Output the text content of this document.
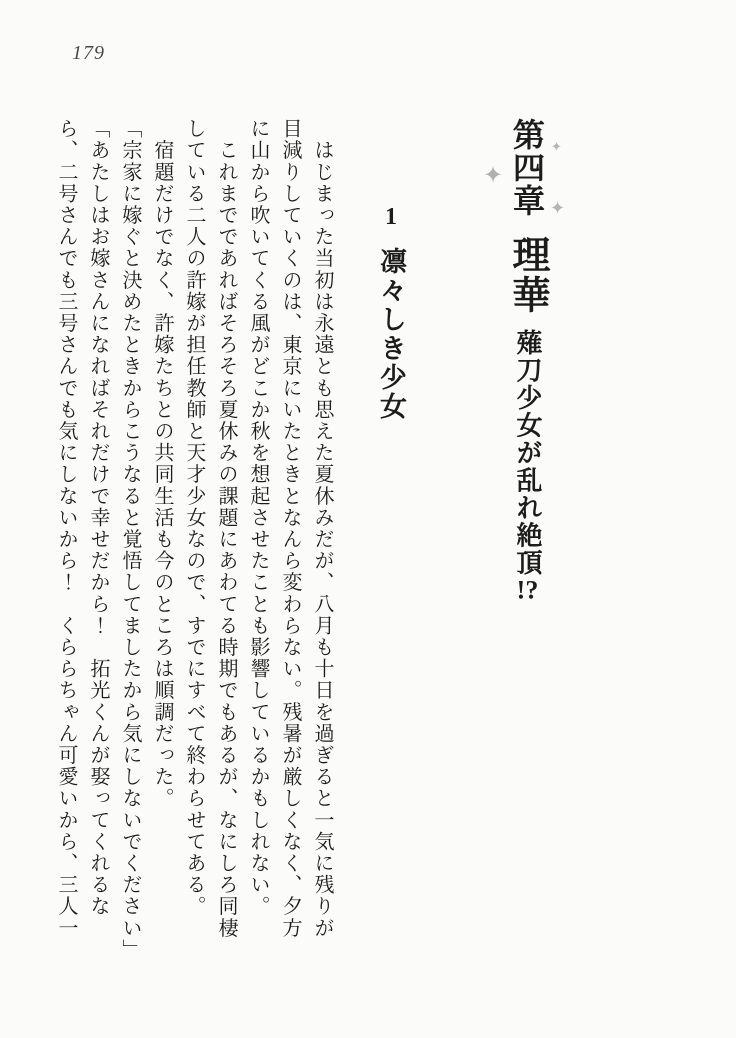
179
✦
✦
✦
第四章 理華 薙刀少女が乱れ絶頂!?
1 凛々しき少女

　はじまった当初は永遠とも思えた夏休みだが、八月も十日を過ぎると一気に残りが

目減りしていくのは、東京にいたときとなんら変わらない。残暑が厳しくなく、夕方

に山から吹いてくる風がどこか秋を想起させたことも影響しているかもしれない。

　これまでであればそろそろ夏休みの課題にあわてる時期でもあるが、なにしろ同棲

している二人の許嫁が担任教師と天才少女なので、すでにすべて終わらせてある。

　宿題だけでなく、許嫁たちとの共同生活も今のところは順調だった。

「宗家に嫁ぐと決めたときからこうなると覚悟してましたから気にしないでください」

「あたしはお嫁さんになればそれだけで幸せだから！　拓光くんが娶ってくれるな

ら、二号さんでも三号さんでも気にしないから！　くららちゃん可愛いから、三人一
